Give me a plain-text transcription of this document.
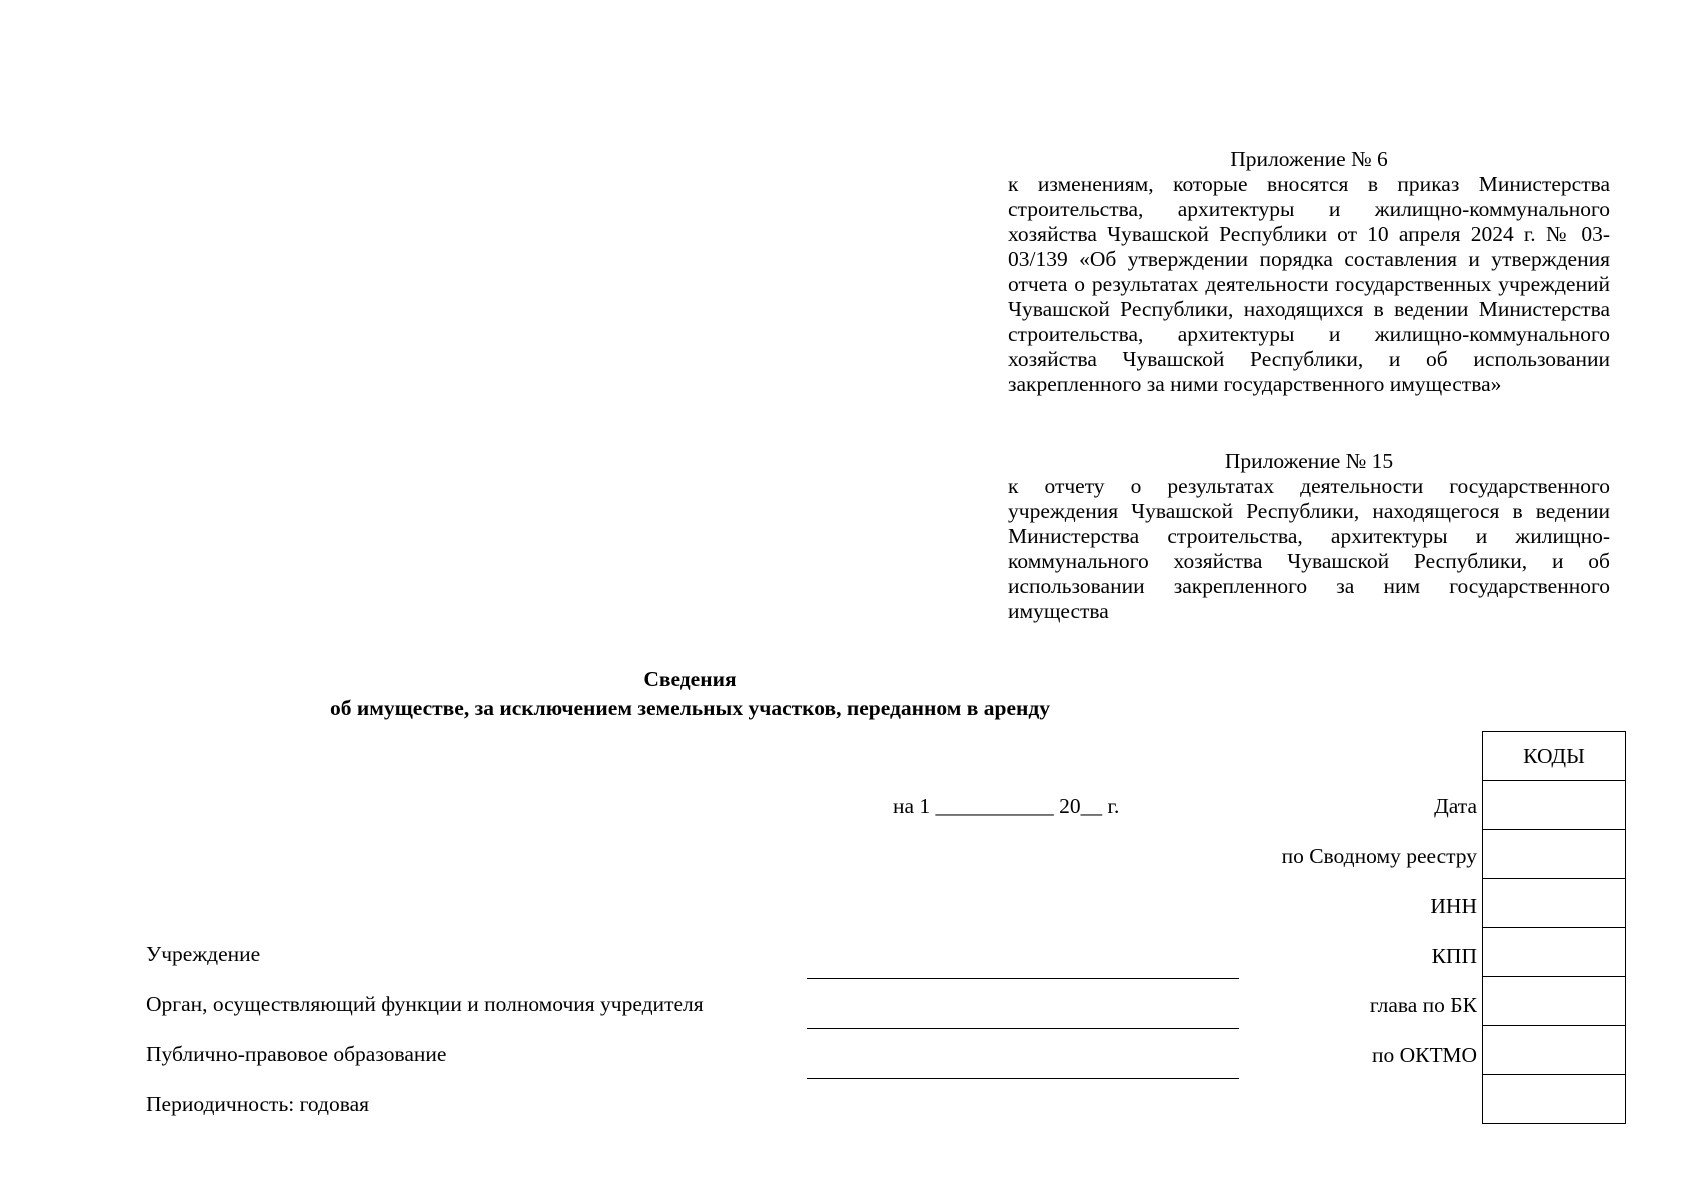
Приложение № 6
к изменениям, которые вносятся в приказ Министерства строительства, архитектуры и жилищно-коммунального хозяйства Чувашской Республики от 10 апреля 2024 г. № 03-03/139 «Об утверждении порядка составления и утверждения отчета о результатах деятельности государственных учреждений Чувашской Республики, находящихся в ведении Министерства строительства, архитектуры и жилищно-коммунального хозяйства Чувашской Республики, и об использовании закрепленного за ними государственного имущества»
Приложение № 15
к отчету о результатах деятельности государственного учреждения Чувашской Республики, находящегося в ведении Министерства строительства, архитектуры и жилищно-коммунального хозяйства Чувашской Республики, и об использовании закрепленного за ним государственного имущества
Сведения
об имуществе, за исключением земельных участков, переданном в аренду
на 1 ___________ 20__ г.
КОДЫ

Дата
по Сводному реестру
ИНН
КПП
глава по БК
по ОКТМО
Учреждение
Орган, осуществляющий функции и полномочия учредителя
Публично-правовое образование
Периодичность: годовая
